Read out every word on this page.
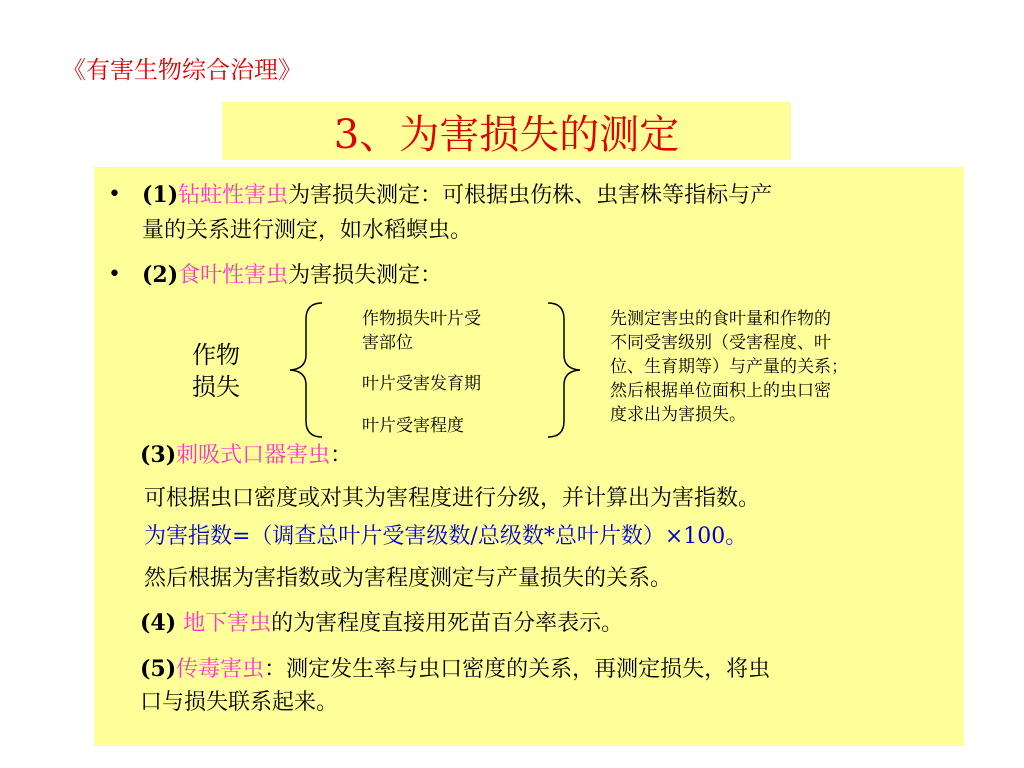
《有害生物综合治理》
3、为害损失的测定
• (1)钻蛀性害虫为害损失测定：可根据虫伤株、虫害株等指标与产
量的关系进行测定，如水稻螟虫。
• (2)食叶性害虫为害损失测定：
作物
损失
作物损失叶片受
害部位
叶片受害发育期
叶片受害程度
先测定害虫的食叶量和作物的
不同受害级别（受害程度、叶
位、生育期等）与产量的关系；
然后根据单位面积上的虫口密
度求出为害损失。
(3)刺吸式口器害虫：
可根据虫口密度或对其为害程度进行分级，并计算出为害指数。
为害指数=（调查总叶片受害级数/总级数*总叶片数）×100。
然后根据为害指数或为害程度测定与产量损失的关系。
(4) 地下害虫的为害程度直接用死苗百分率表示。
(5)传毒害虫：测定发生率与虫口密度的关系，再测定损失，将虫
口与损失联系起来。
